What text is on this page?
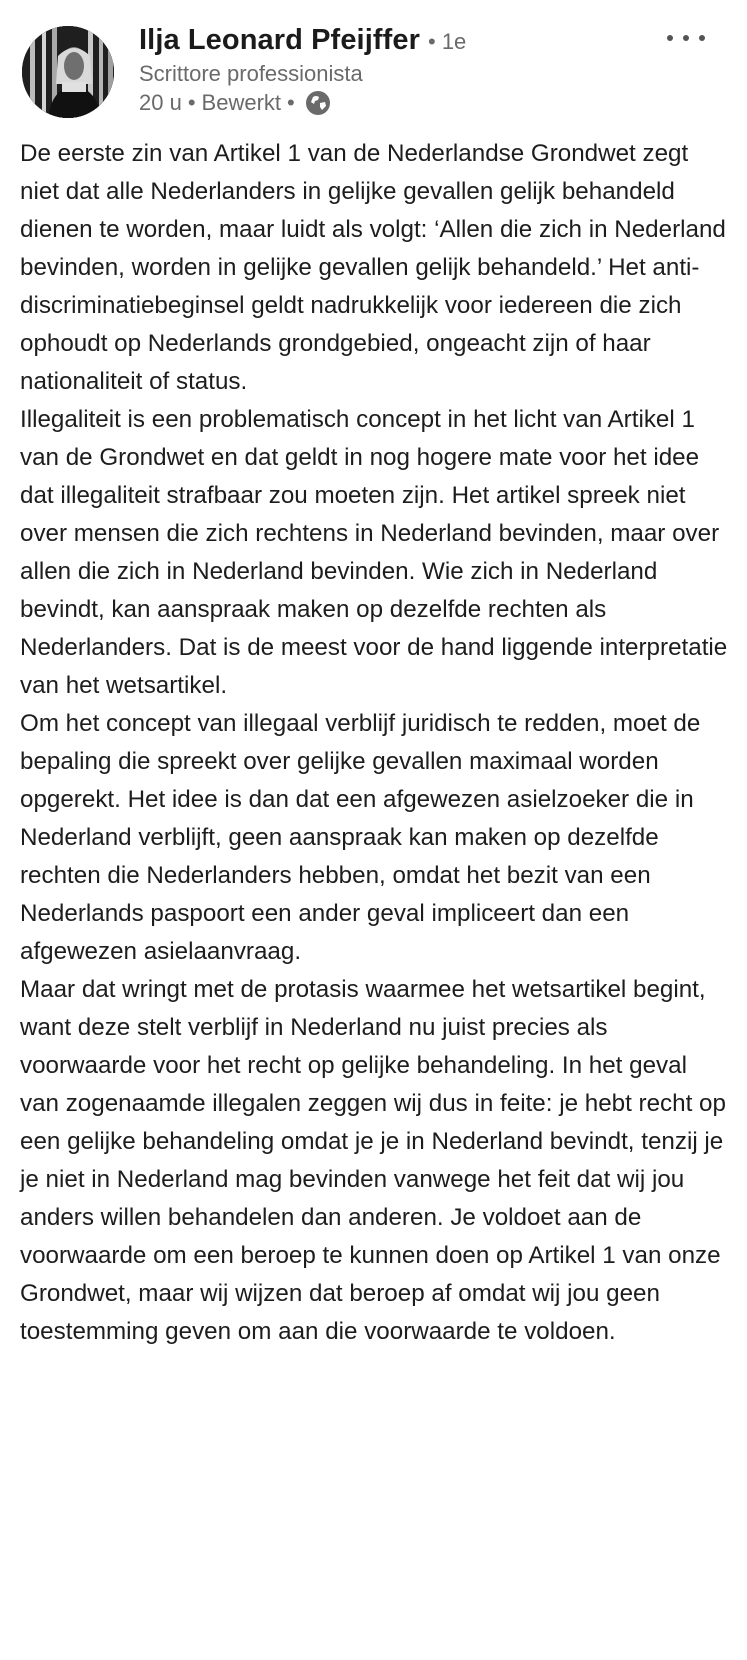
Ilja Leonard Pfeijffer • 1e
Scrittore professionista
20 u • Bewerkt •

De eerste zin van Artikel 1 van de Nederlandse Grondwet zegt niet dat alle Nederlanders in gelijke gevallen gelijk behandeld dienen te worden, maar luidt als volgt: ‘Allen die zich in Nederland bevinden, worden in gelijke gevallen gelijk behandeld.’ Het anti-discriminatiebeginsel geldt nadrukkelijk voor iedereen die zich ophoudt op Nederlands grondgebied, ongeacht zijn of haar nationaliteit of status.

Illegaliteit is een problematisch concept in het licht van Artikel 1 van de Grondwet en dat geldt in nog hogere mate voor het idee dat illegaliteit strafbaar zou moeten zijn. Het artikel spreek niet over mensen die zich rechtens in Nederland bevinden, maar over allen die zich in Nederland bevinden. Wie zich in Nederland bevindt, kan aanspraak maken op dezelfde rechten als Nederlanders. Dat is de meest voor de hand liggende interpretatie van het wetsartikel.

Om het concept van illegaal verblijf juridisch te redden, moet de bepaling die spreekt over gelijke gevallen maximaal worden opgerekt. Het idee is dan dat een afgewezen asielzoeker die in Nederland verblijft, geen aanspraak kan maken op dezelfde rechten die Nederlanders hebben, omdat het bezit van een Nederlands paspoort een ander geval impliceert dan een afgewezen asielaanvraag.

Maar dat wringt met de protasis waarmee het wetsartikel begint, want deze stelt verblijf in Nederland nu juist precies als voorwaarde voor het recht op gelijke behandeling. In het geval van zogenaamde illegalen zeggen wij dus in feite: je hebt recht op een gelijke behandeling omdat je je in Nederland bevindt, tenzij je je niet in Nederland mag bevinden vanwege het feit dat wij jou anders willen behandelen dan anderen. Je voldoet aan de voorwaarde om een beroep te kunnen doen op Artikel 1 van onze Grondwet, maar wij wijzen dat beroep af omdat wij jou geen toestemming geven om aan die voorwaarde te voldoen.
